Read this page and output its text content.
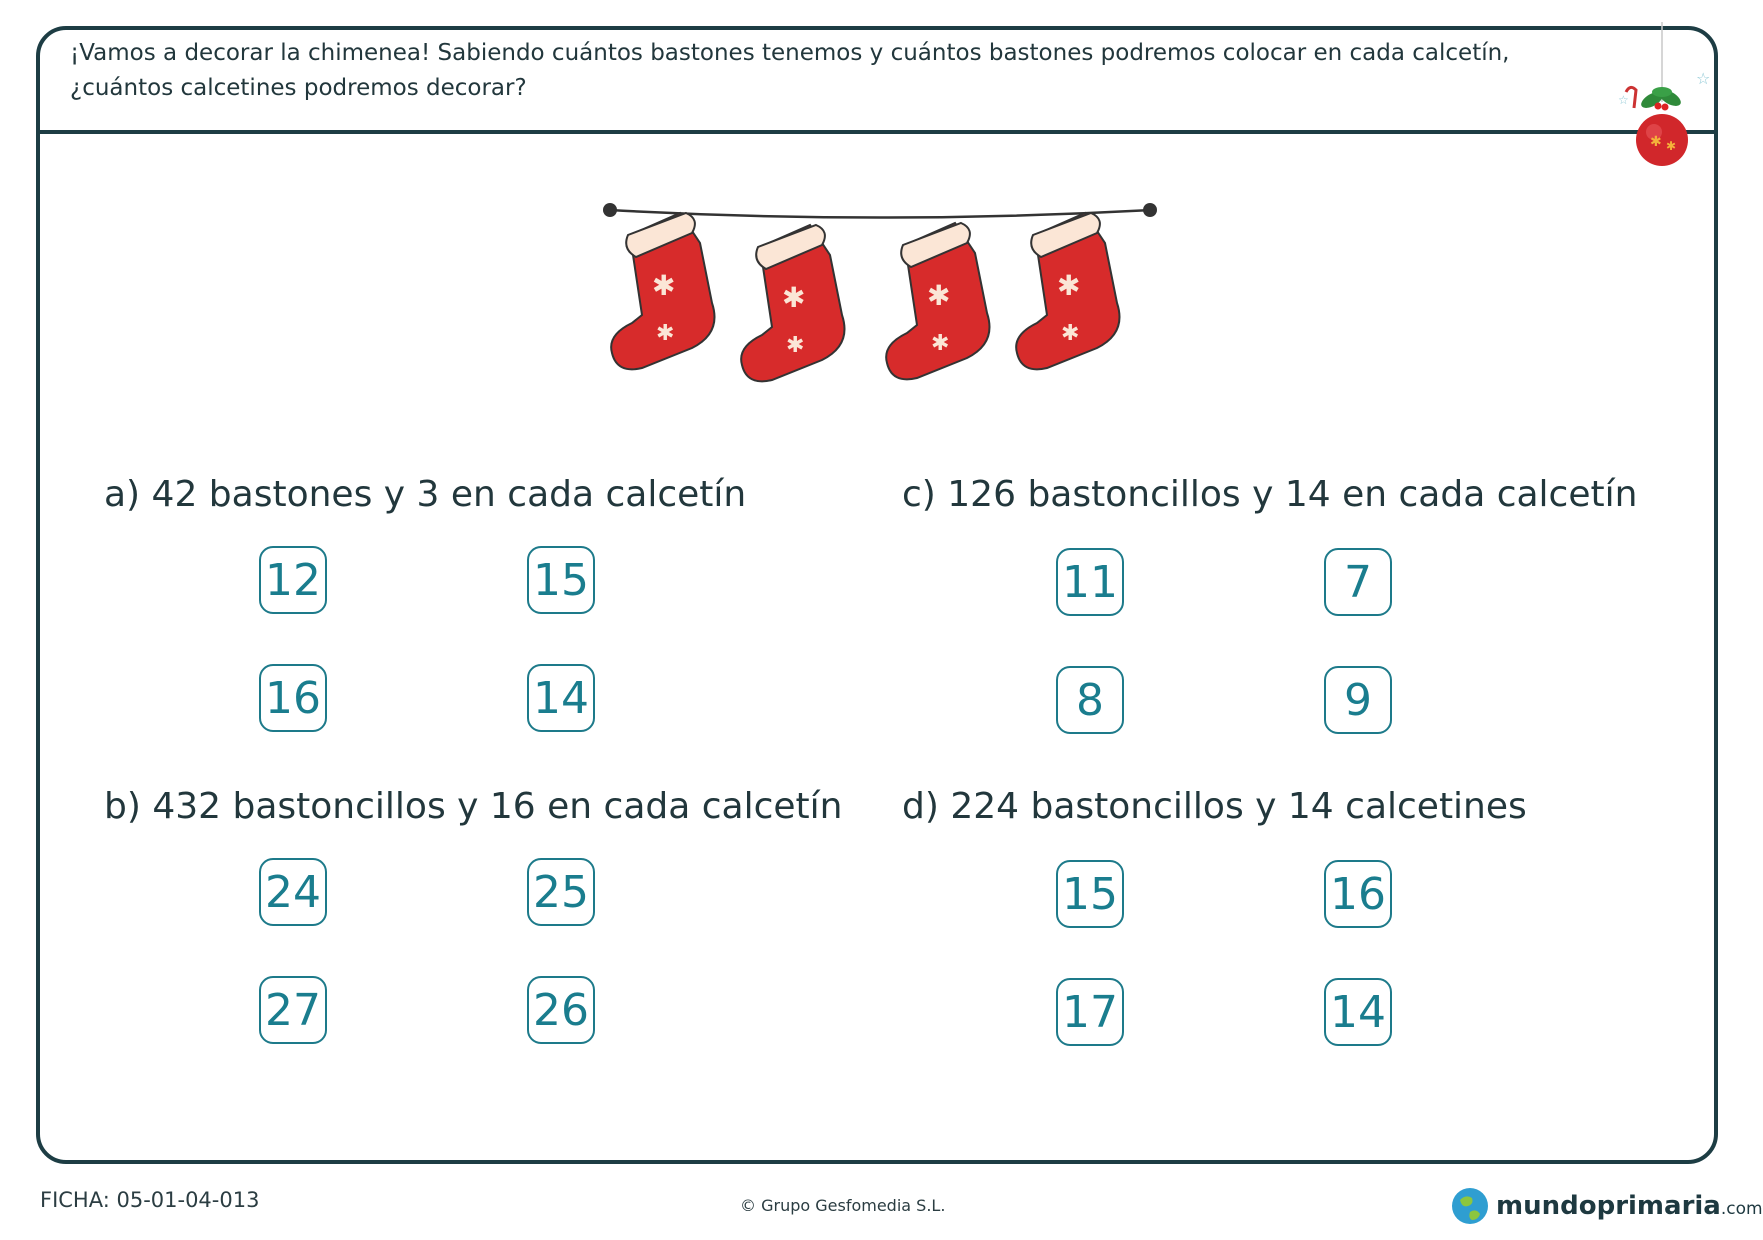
¡Vamos a decorar la chimenea! Sabiendo cuántos bastones tenemos y cuántos bastones podremos colocar en cada calcetín, ¿cuántos calcetines podremos decorar?	☆
☆
✱ ✱
✱
✱
a) 42 bastones y 3 en cada calcetín
12	15
16	14
b) 432 bastoncillos y 16 en cada calcetín
24	25
27	26
c) 126 bastoncillos y 14 en cada calcetín
11	7
8	9
d) 224 bastoncillos y 14 calcetines
15	16
17	14
FICHA: 05-01-04-013	© Grupo Gesfomedia S.L.	mundoprimaria.com
